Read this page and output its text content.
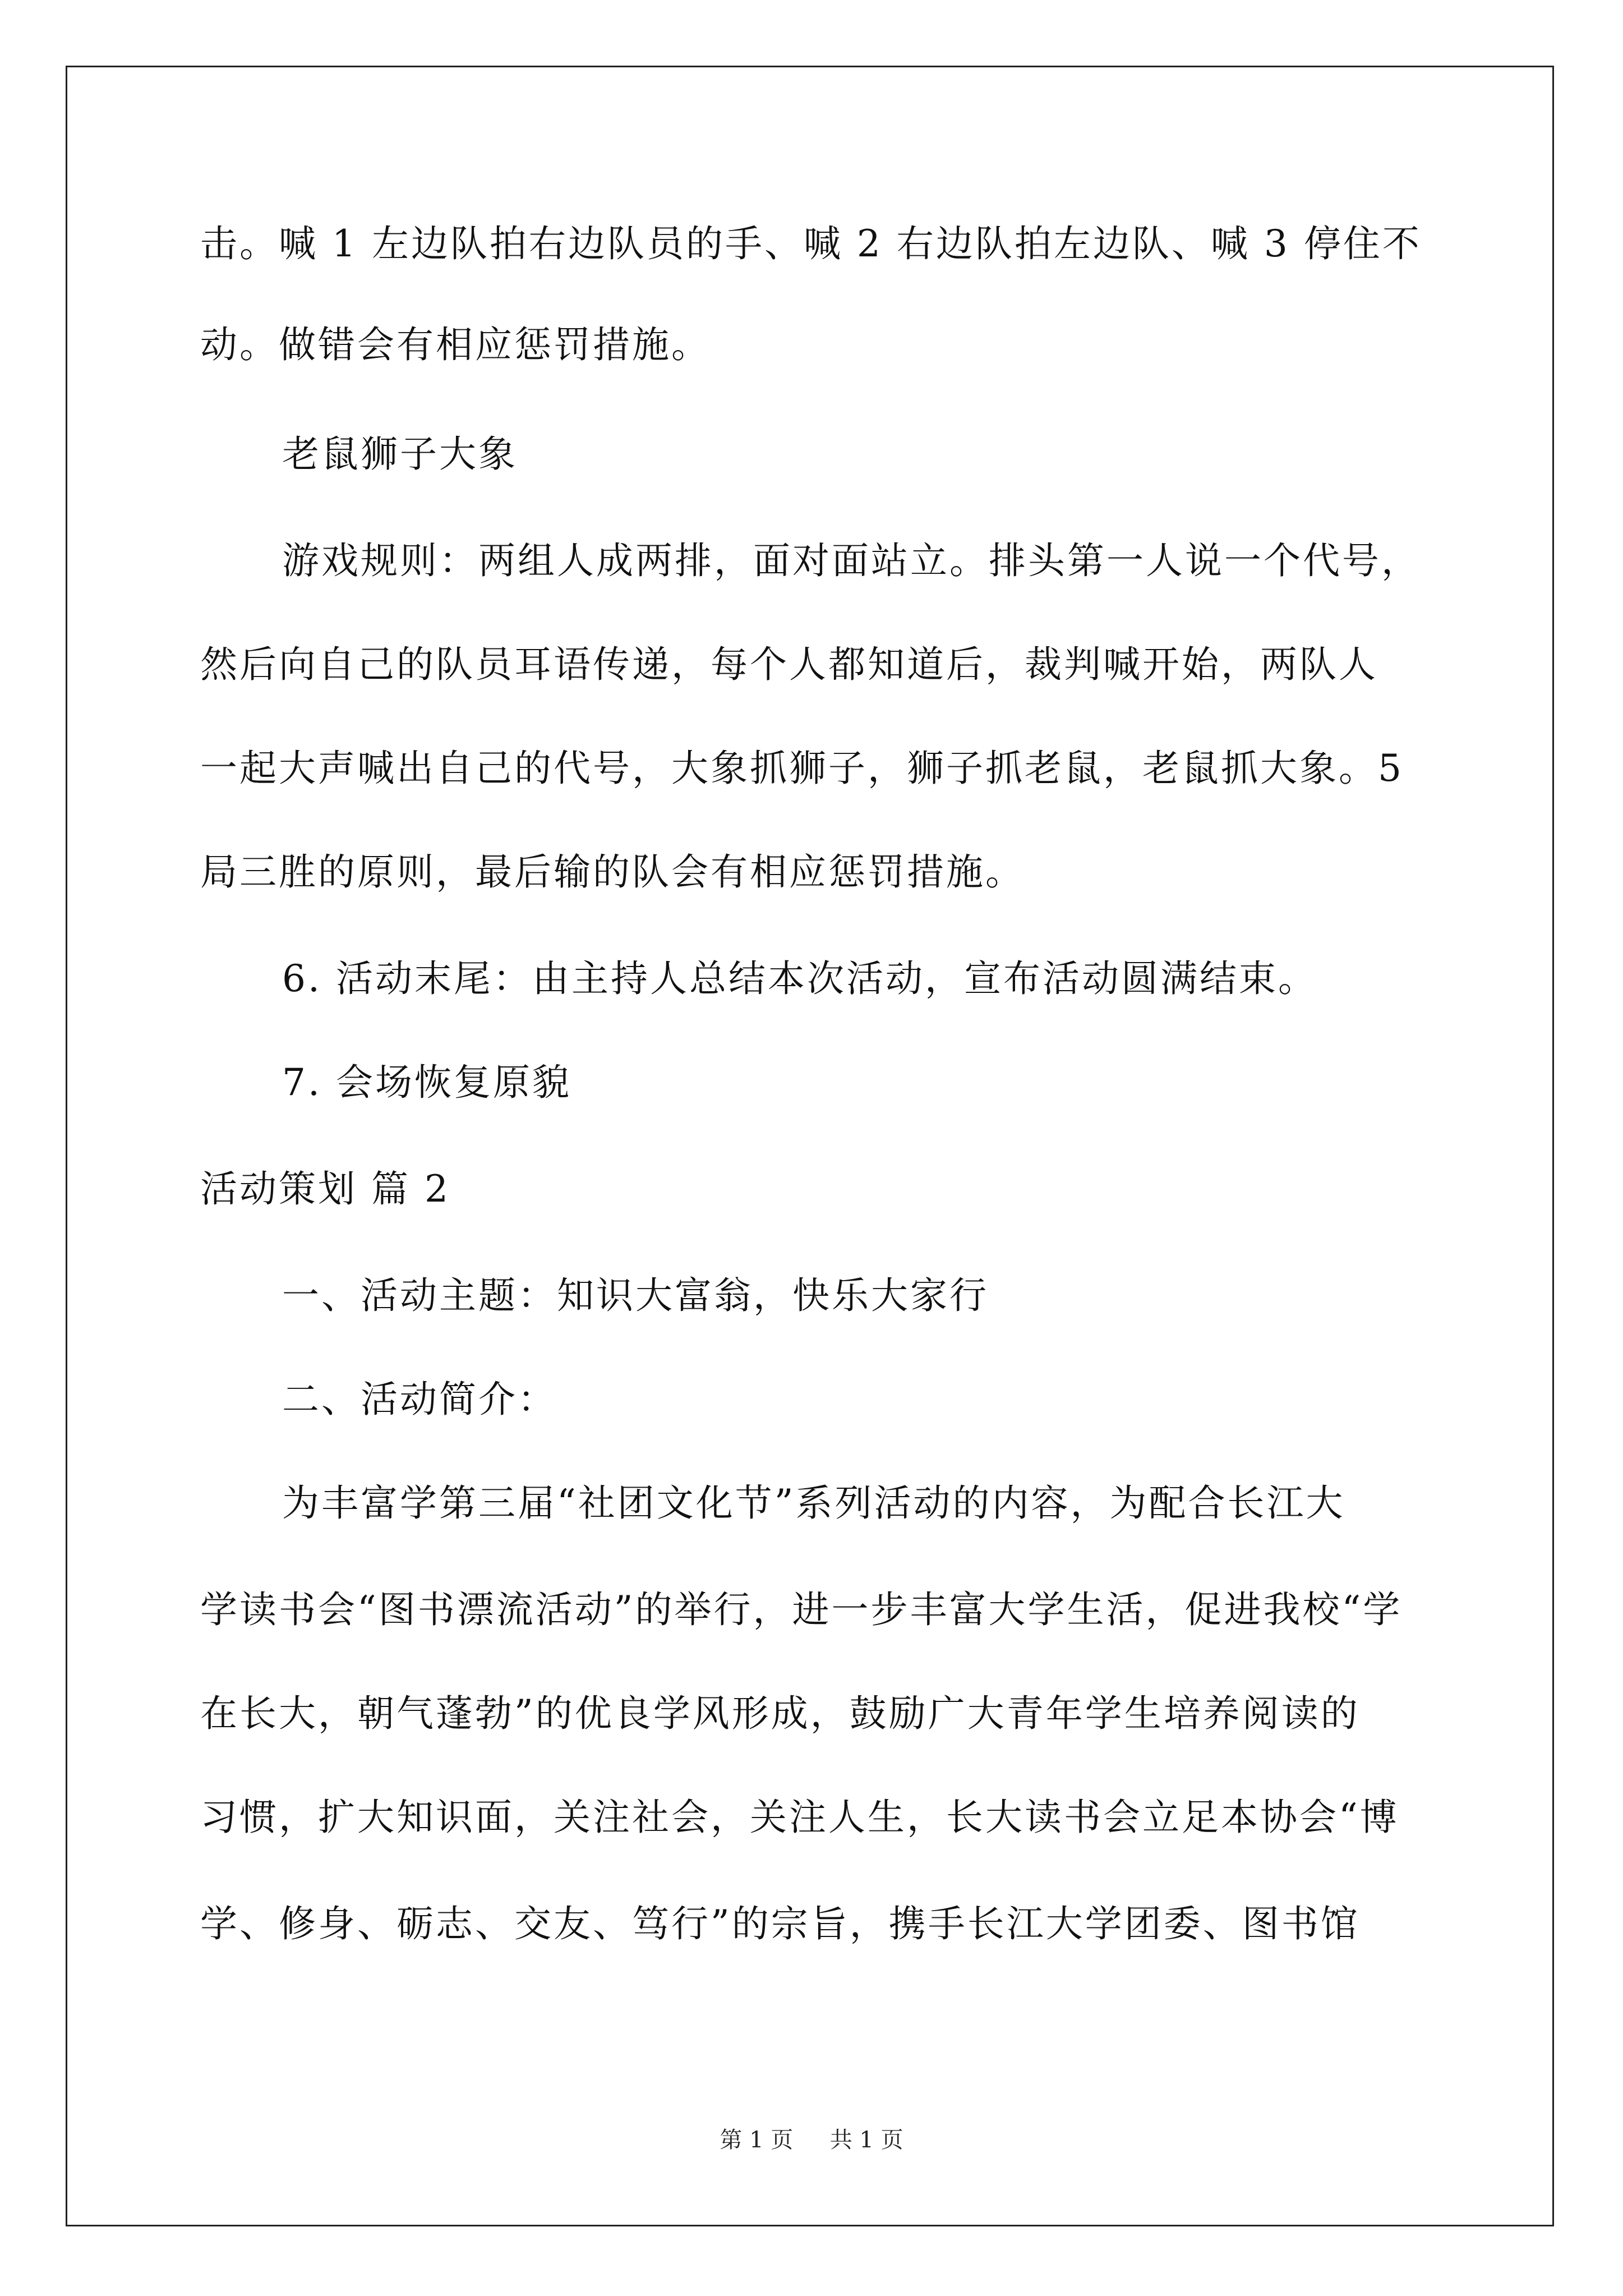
击。喊 1 左边队拍右边队员的手、喊 2 右边队拍左边队、喊 3 停住不
动。做错会有相应惩罚措施。
老鼠狮子大象
游戏规则：两组人成两排，面对面站立。排头第一人说一个代号，
然后向自己的队员耳语传递，每个人都知道后，裁判喊开始，两队人
一起大声喊出自己的代号，大象抓狮子，狮子抓老鼠，老鼠抓大象。5
局三胜的原则，最后输的队会有相应惩罚措施。
6. 活动末尾：由主持人总结本次活动，宣布活动圆满结束。
7. 会场恢复原貌
活动策划 篇 2
一、活动主题：知识大富翁，快乐大家行
二、活动简介：
为丰富学第三届“社团文化节”系列活动的内容，为配合长江大
学读书会“图书漂流活动”的举行，进一步丰富大学生活，促进我校“学
在长大，朝气蓬勃”的优良学风形成，鼓励广大青年学生培养阅读的
习惯，扩大知识面，关注社会，关注人生，长大读书会立足本协会“博
学、修身、砺志、交友、笃行”的宗旨，携手长江大学团委、图书馆
第 1 页 共 1 页
